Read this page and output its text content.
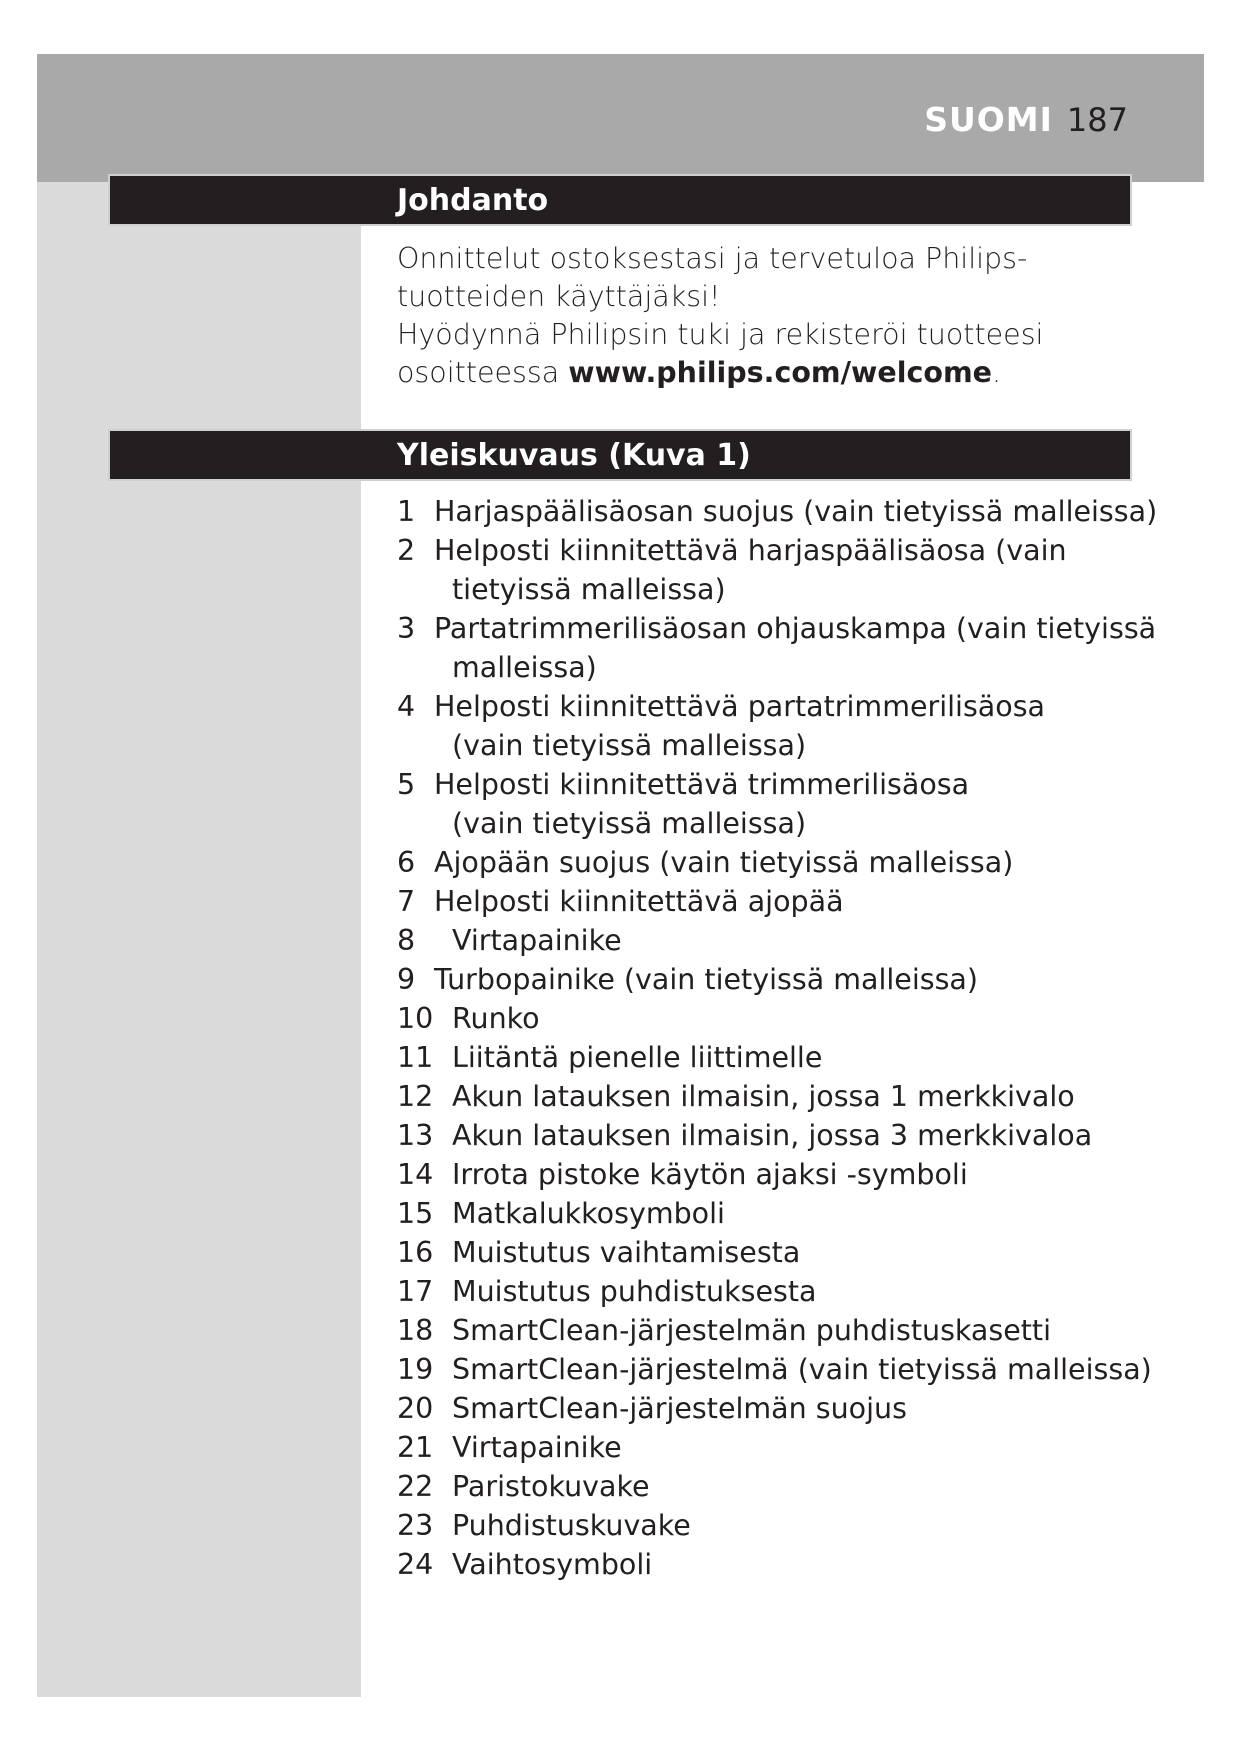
SUOMI 187
Johdanto

Onnittelut ostoksestasi ja tervetuloa Philips-

tuotteiden käyttäjäksi!

Hyödynnä Philipsin tuki ja rekisteröi tuotteesi

osoitteessa www.philips.com/welcome.

Yleiskuvaus (Kuva 1)
1 Harjaspäälisäosan suojus (vain tietyissä malleissa)
2 Helposti kiinnitettävä harjaspäälisäosa (vain
tietyissä malleissa)
3 Partatrimmerilisäosan ohjauskampa (vain tietyissä
malleissa)
4 Helposti kiinnitettävä partatrimmerilisäosa
(vain tietyissä malleissa)
5 Helposti kiinnitettävä trimmerilisäosa
(vain tietyissä malleissa)
6 Ajopään suojus (vain tietyissä malleissa)
7 Helposti kiinnitettävä ajopää
8 Virtapainike
9 Turbopainike (vain tietyissä malleissa)
10 Runko
11 Liitäntä pienelle liittimelle
12 Akun latauksen ilmaisin, jossa 1 merkkivalo
13 Akun latauksen ilmaisin, jossa 3 merkkivaloa
14 Irrota pistoke käytön ajaksi -symboli
15 Matkalukkosymboli
16 Muistutus vaihtamisesta
17 Muistutus puhdistuksesta
18 SmartClean-järjestelmän puhdistuskasetti
19 SmartClean-järjestelmä (vain tietyissä malleissa)
20 SmartClean-järjestelmän suojus
21 Virtapainike
22 Paristokuvake
23 Puhdistuskuvake
24 Vaihtosymboli
